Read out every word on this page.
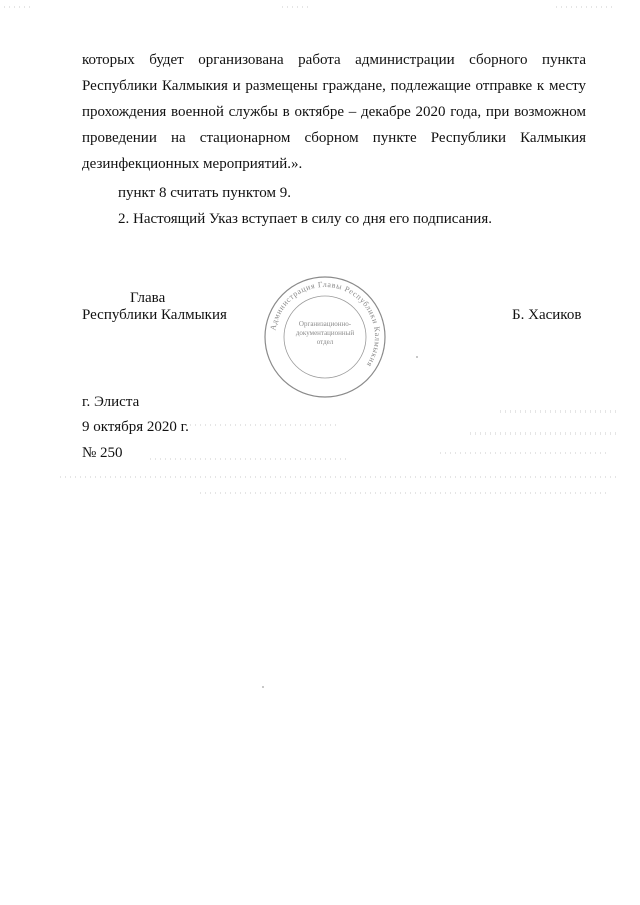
которых будет организована работа администрации сборного пункта
Республики Калмыкия и размещены граждане, подлежащие отправке к месту
прохождения военной службы в октябре – декабре 2020 года, при возможном
проведении на стационарном сборном пункте Республики Калмыкия
дезинфекционных мероприятий.».
пункт 8 считать пунктом 9.
2. Настоящий Указ вступает в силу со дня его подписания.
Глава
Республики Калмыкия	Б. Хасиков
Администрация Главы Республики Калмыкия
Организационно-документационный отдел
г. Элиста
9 октября 2020 г.
№ 250
